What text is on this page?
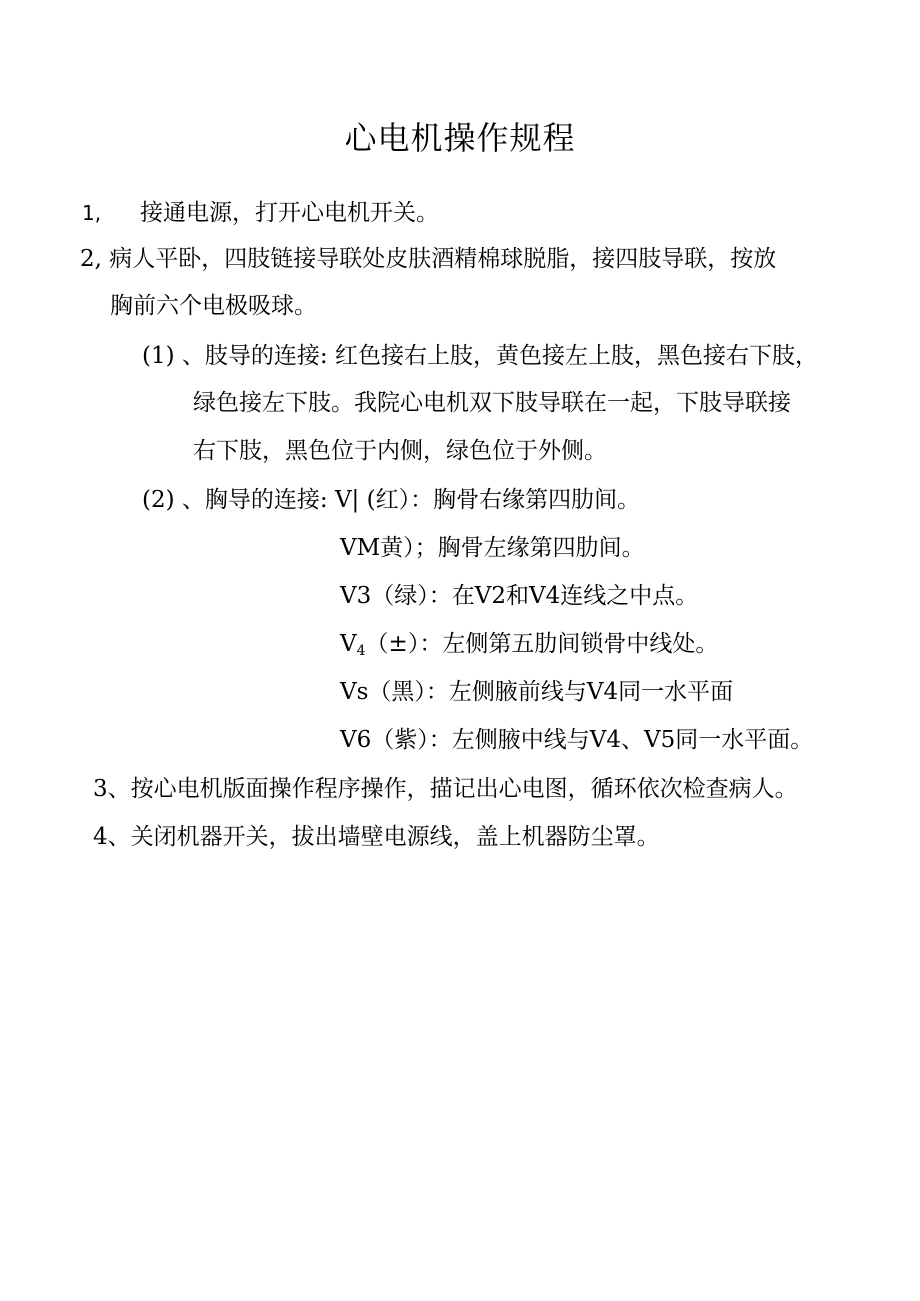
心电机操作规程
1, 接通电源，打开心电机开关。
2, 病人平卧，四肢链接导联处皮肤酒精棉球脱脂，接四肢导联，按放
胸前六个电极吸球。
(1) 、肢导的连接: 红色接右上肢，黄色接左上肢，黑色接右下肢，
绿色接左下肢。我院心电机双下肢导联在一起，下肢导联接
右下肢，黑色位于内侧，绿色位于外侧。
(2) 、胸导的连接: V| (红）：胸骨右缘第四肋间。
VM黄）；胸骨左缘第四肋间。
V3（绿）：在V2和V4连线之中点。
$V_4(\pm)$：左侧第五肋间锁骨中线处。
Vs（黑）：左侧腋前线与V4同一水平面
V6（紫）：左侧腋中线与V4、V5同一水平面。
3、按心电机版面操作程序操作，描记出心电图，循环依次检查病人。
4、关闭机器开关，拔出墙壁电源线，盖上机器防尘罩。
